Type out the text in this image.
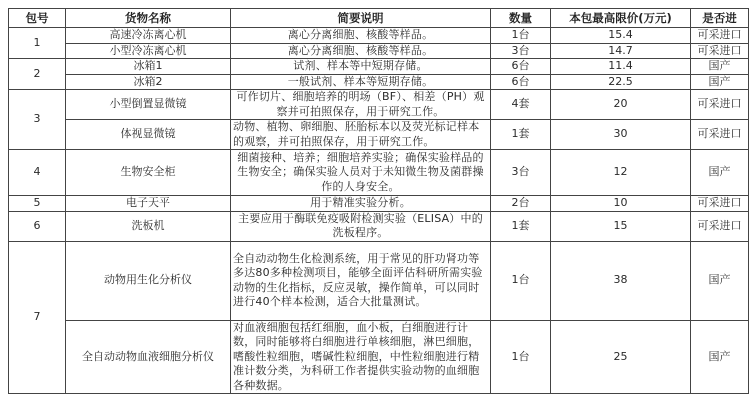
包号	货物名称	简要说明	数量	本包最高限价(万元)	是否进
1	高速冷冻离心机	离心分离细胞、核酸等样品。	1台	15.4	可采进口
	小型冷冻离心机	离心分离细胞、核酸等样品。	3台	14.7	可采进口
2	冰箱1	试剂、样本等中短期存储。	6台	11.4	国产
	冰箱2	一般试剂、样本等短期存储。	6台	22.5	国产
3	小型倒置显微镜	可作切片、细胞培养的明场（BF）、相差（PH）观察并可拍照保存，用于研究工作。	4套	20	可采进口
	体视显微镜	动物、植物、卵细胞、胚胎标本以及荧光标记样本的观察，并可拍照保存，用于研究工作。	1套	30	可采进口
4	生物安全柜	细菌接种、培养；细胞培养实验；确保实验样品的生物安全；确保实验人员对于未知微生物及菌群操作的人身安全。	3台	12	国产
5	电子天平	用于精准实验分析。	2台	10	可采进口
6	洗板机	主要应用于酶联免疫吸附检测实验（ELISA）中的洗板程序。	1套	15	可采进口
7	动物用生化分析仪	全自动动物生化检测系统，用于常见的肝功肾功等多达80多种检测项目，能够全面评估科研所需实验动物的生化指标，反应灵敏，操作简单，可以同时进行40个样本检测，适合大批量测试。	1台	38	国产
	全自动动物血液细胞分析仪	对血液细胞包括红细胞，血小板，白细胞进行计数，同时能够将白细胞进行单核细胞，淋巴细胞，嗜酸性粒细胞，嗜碱性粒细胞，中性粒细胞进行精准计数分类，为科研工作者提供实验动物的血细胞各种数据。	1台	25	国产
